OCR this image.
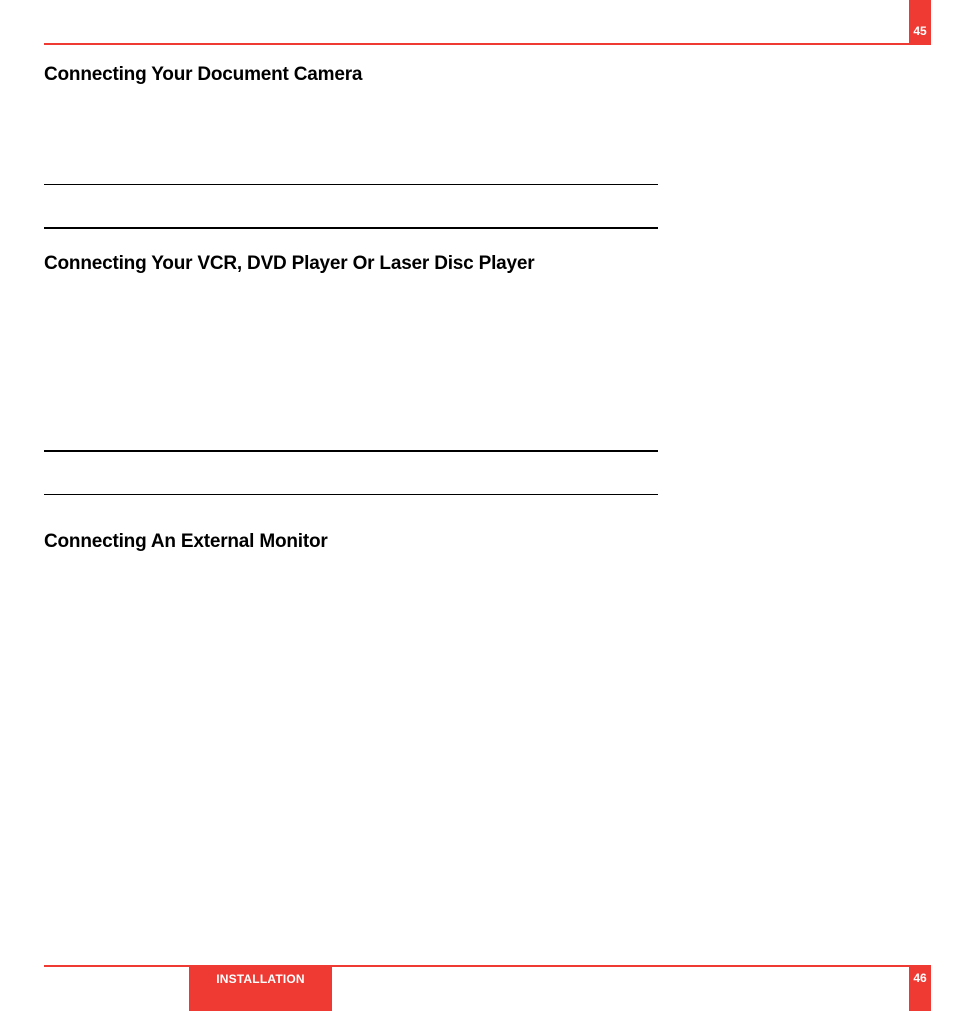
45
Connecting Your Document Camera
Connecting Your VCR, DVD Player Or Laser Disc Player
Connecting An External Monitor
INSTALLATION	46
